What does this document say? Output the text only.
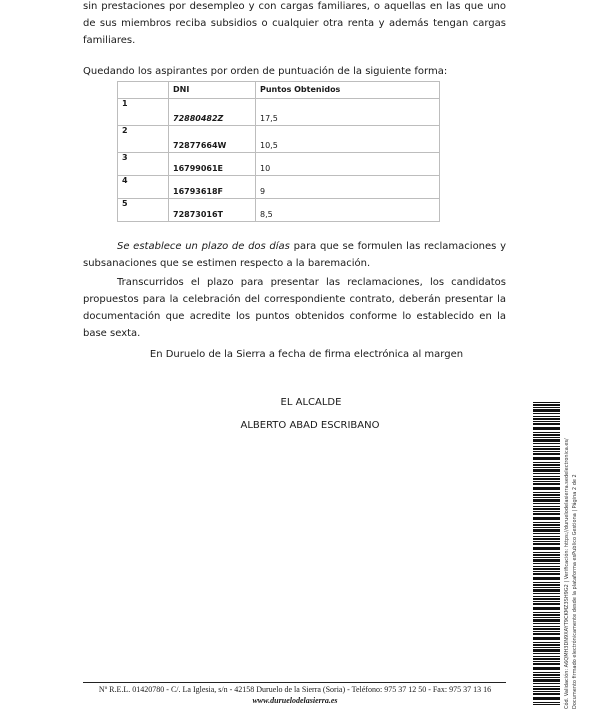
sin prestaciones por desempleo y con cargas familiares, o aquellas en las que uno de sus miembros reciba subsidios o cualquier otra renta y además tengan cargas familiares.
Quedando los aspirantes por orden de puntuación de la siguiente forma:
	DNI	Puntos Obtenidos

1	72880482Z	17,5

2	72877664W	10,5

3	16799061E	10

4	16793618F	9

5	72873016T	8,5
Se establece un plazo de dos días para que se formulen las reclamaciones y subsanaciones que se estimen respecto a la baremación.
Transcurridos el plazo para presentar las reclamaciones, los candidatos propuestos para la celebración del correspondiente contrato, deberán presentar la documentación que acredite los puntos obtenidos conforme lo establecido en la base sexta.
En Duruelo de la Sierra a fecha de firma electrónica al margen
EL ALCALDE
ALBERTO ABAD ESCRIBANO
Cód. Validación: A6QMH3DN9XAYT9CKMZ3SH9G2 | Verificación: https://duruelodelasierra.sedelectronica.es/ Documento firmado electrónicamente desde la plataforma esPublico Gestiona | Página 2 de 2
Nº R.E.L. 01420780 - C/. La Iglesia, s/n - 42158 Duruelo de la Sierra (Soria) - Teléfono: 975 37 12 50 - Fax: 975 37 13 16
www.duruelodelasierra.es
